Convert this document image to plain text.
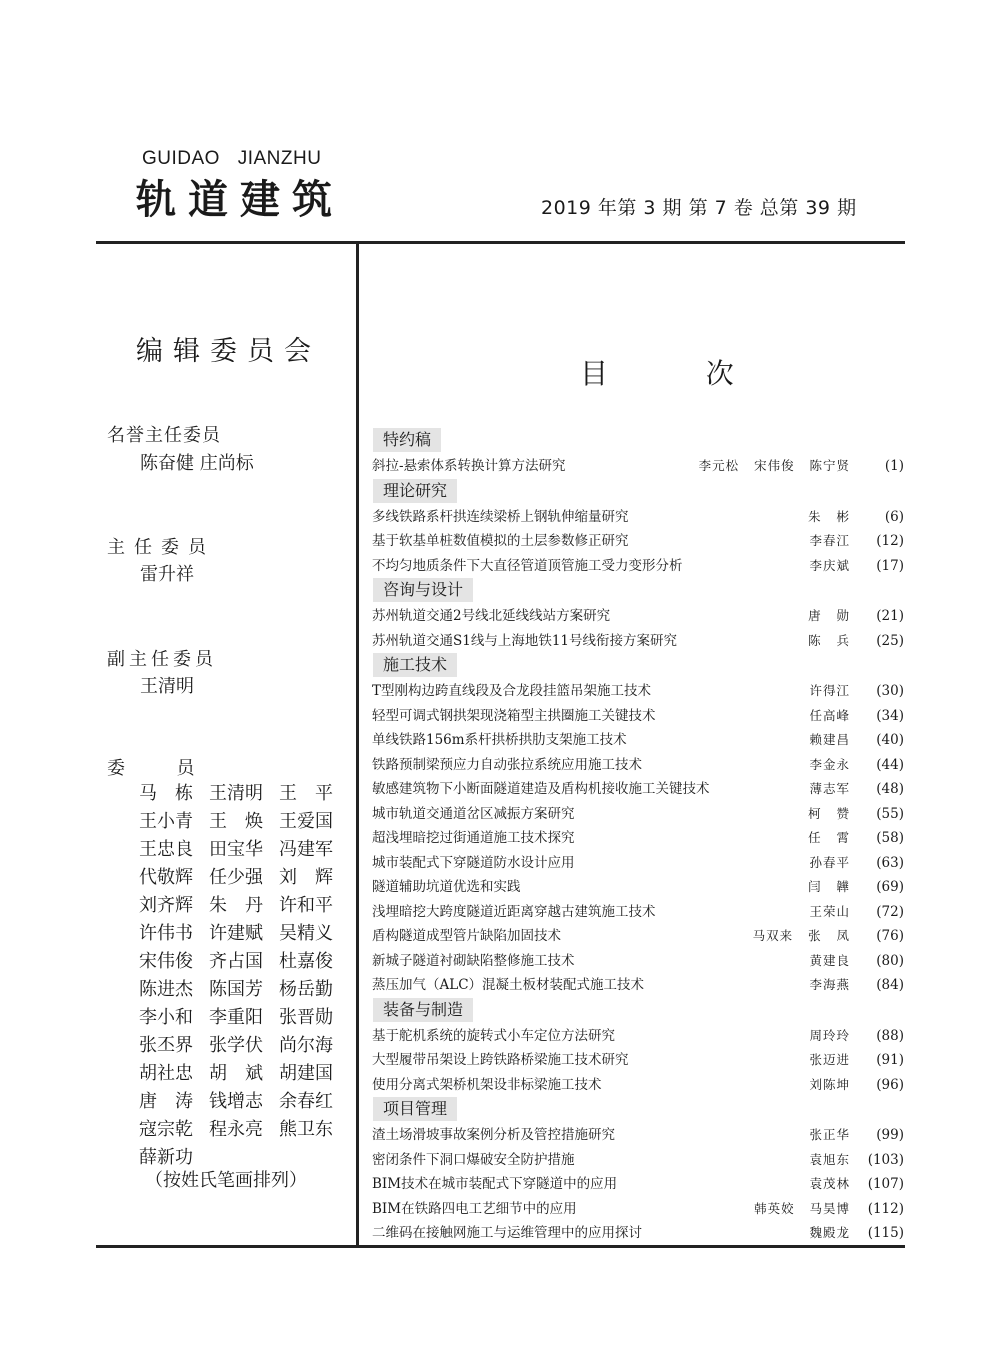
GUIDAO JIANZHU
轨道建筑	2019 年第 3 期 第 7 卷 总第 39 期
编辑委员会
名誉主任委员
陈奋健 庄尚标
主任委员
雷升祥
副主任委员
王清明
委         员
马　栋 王清明 王　平
王小青 王　焕 王爱国
王忠良 田宝华 冯建军
代敬辉 任少强 刘　辉
刘齐辉 朱　丹 许和平
许伟书 许建赋 吴精义
宋伟俊 齐占国 杜嘉俊
陈进杰 陈国芳 杨岳勤
李小和 李重阳 张晋勋
张丕界 张学伏 尚尔海
胡社忠 胡　斌 胡建国
唐　涛 钱增志 余春红
寇宗乾 程永亮 熊卫东
薛新功
（按姓氏笔画排列）
目  次
特约稿
斜拉-悬索体系转换计算方法研究	李元松   宋伟俊   陈宁贤	(1)
理论研究
多线铁路系杆拱连续梁桥上钢轨伸缩量研究	朱   彬	(6)
基于软基单桩数值模拟的土层参数修正研究	李春江 (12)
不均匀地质条件下大直径管道顶管施工受力变形分析	李庆斌 (17)
咨询与设计
苏州轨道交通2号线北延线线站方案研究	唐   勋 (21)
苏州轨道交通S1线与上海地铁11号线衔接方案研究	陈   兵 (25)
施工技术
T型刚构边跨直线段及合龙段挂篮吊架施工技术	许得江 (30)
轻型可调式钢拱架现浇箱型主拱圈施工关键技术	任高峰 (34)
单线铁路156m系杆拱桥拱肋支架施工技术	赖建昌 (40)
铁路预制梁预应力自动张拉系统应用施工技术	李金永 (44)
敏感建筑物下小断面隧道建造及盾构机接收施工关键技术	薄志军 (48)
城市轨道交通道岔区减振方案研究	柯   赞 (55)
超浅埋暗挖过街通道施工技术探究	任   霄 (58)
城市装配式下穿隧道防水设计应用	孙春平 (63)
隧道辅助坑道优选和实践	闫   韡 (69)
浅埋暗挖大跨度隧道近距离穿越古建筑施工技术	王荣山 (72)
盾构隧道成型管片缺陷加固技术	马双来   张   凤 (76)
新城子隧道衬砌缺陷整修施工技术	黄建良 (80)
蒸压加气（ALC）混凝土板材装配式施工技术	李海燕 (84)
装备与制造
基于舵机系统的旋转式小车定位方法研究	周玲玲 (88)
大型履带吊架设上跨铁路桥梁施工技术研究	张迈进 (91)
使用分离式架桥机架设非标梁施工技术	刘陈坤 (96)
项目管理
渣土场滑坡事故案例分析及管控措施研究	张正华 (99)
密闭条件下洞口爆破安全防护措施	袁旭东 (103)
BIM技术在城市装配式下穿隧道中的应用	袁茂林 (107)
BIM在铁路四电工艺细节中的应用	韩英姣   马昊博 (112)
二维码在接触网施工与运维管理中的应用探讨	魏殿龙 (115)
